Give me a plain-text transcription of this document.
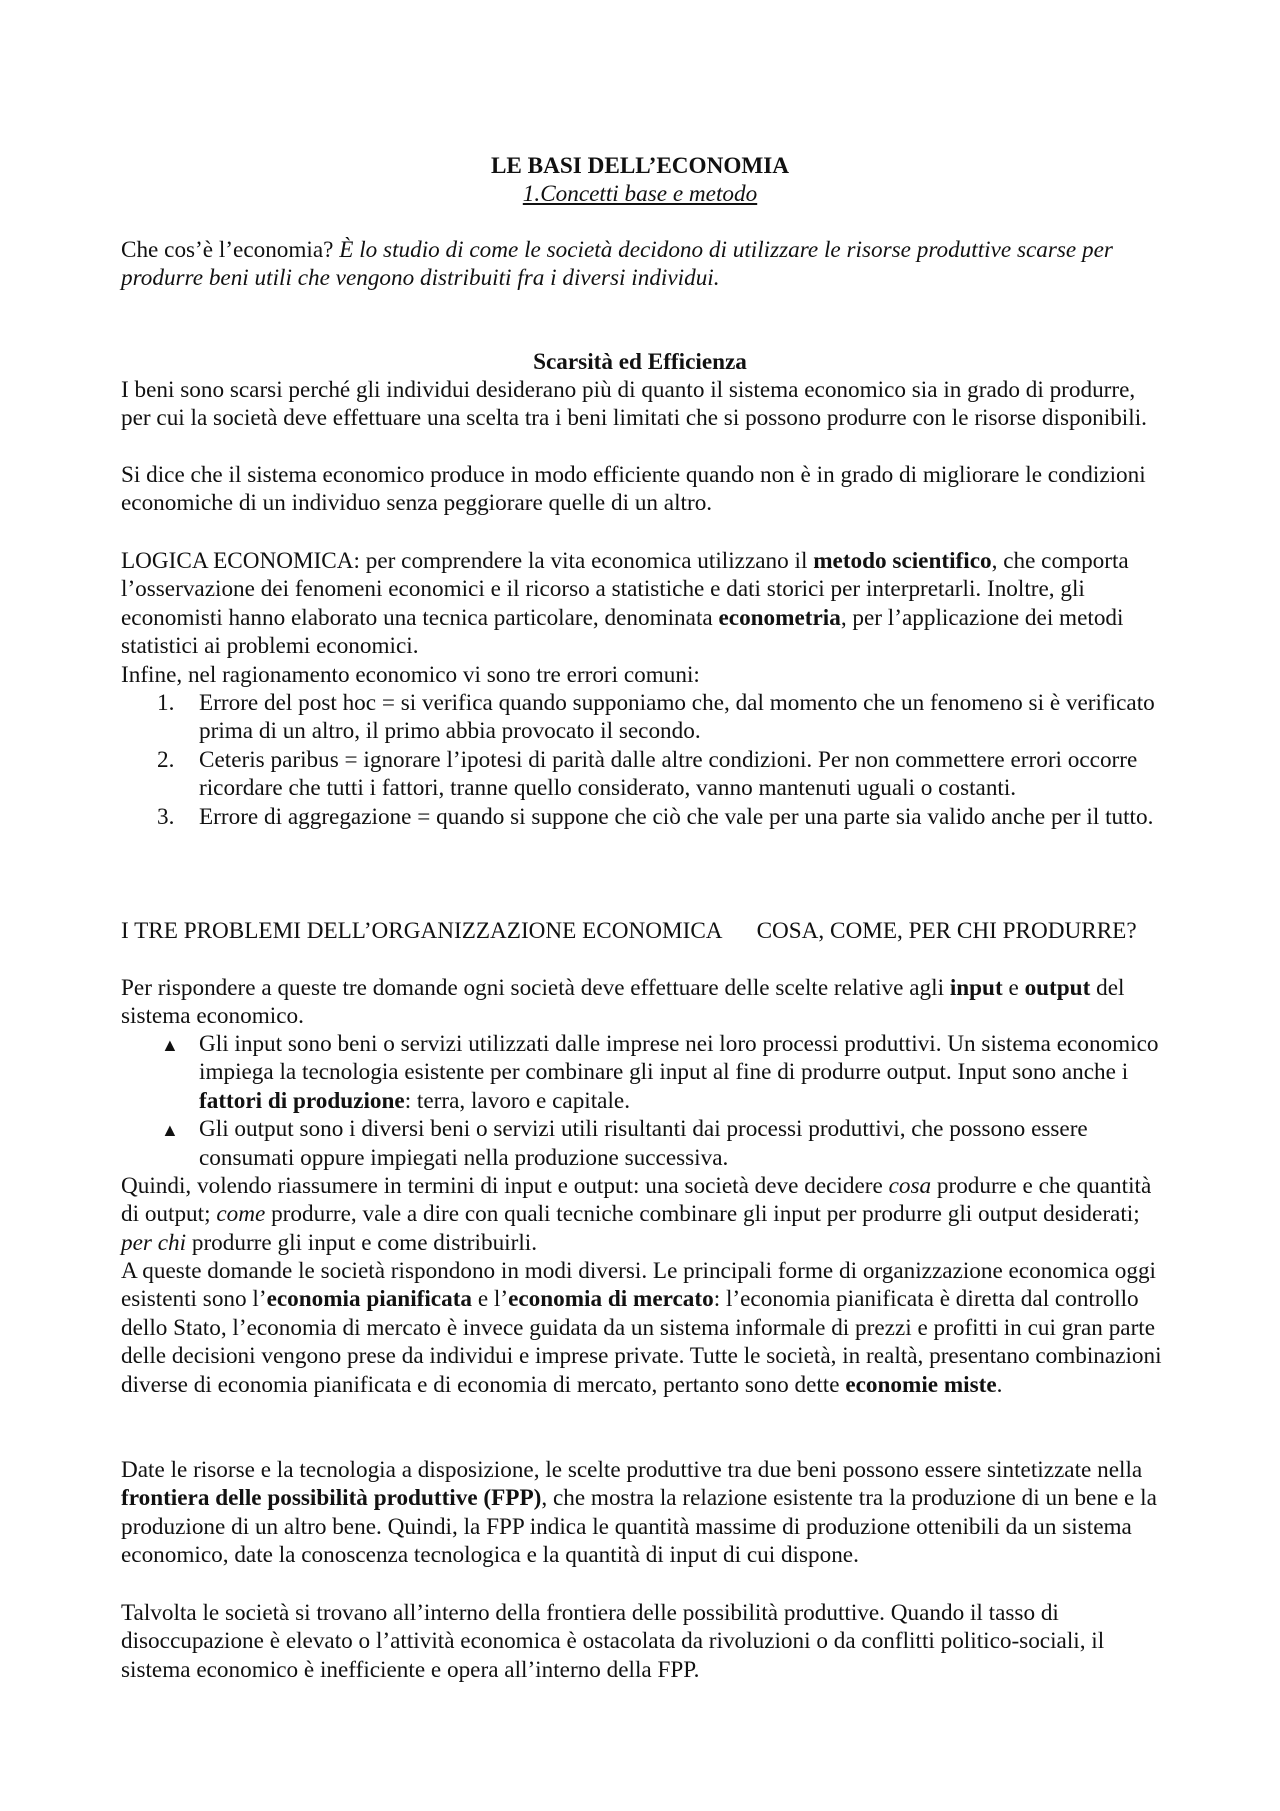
LE BASI DELL’ECONOMIA
1.Concetti base e metodo

Che cos’è l’economia? È lo studio di come le società decidono di utilizzare le risorse produttive scarse per produrre beni utili che vengono distribuiti fra i diversi individui.

Scarsità ed Efficienza

I beni sono scarsi perché gli individui desiderano più di quanto il sistema economico sia in grado di produrre, per cui la società deve effettuare una scelta tra i beni limitati che si possono produrre con le risorse disponibili.

Si dice che il sistema economico produce in modo efficiente quando non è in grado di migliorare le condizioni economiche di un individuo senza peggiorare quelle di un altro.

LOGICA ECONOMICA: per comprendere la vita economica utilizzano il metodo scientifico, che comporta l’osservazione dei fenomeni economici e il ricorso a statistiche e dati storici per interpretarli. Inoltre, gli economisti hanno elaborato una tecnica particolare, denominata econometria, per l’applicazione dei metodi statistici ai problemi economici.

Infine, nel ragionamento economico vi sono tre errori comuni:

1. Errore del post hoc = si verifica quando supponiamo che, dal momento che un fenomeno si è verificato prima di un altro, il primo abbia provocato il secondo.
2. Ceteris paribus = ignorare l’ipotesi di parità dalle altre condizioni. Per non commettere errori occorre ricordare che tutti i fattori, tranne quello considerato, vanno mantenuti uguali o costanti.
3. Errore di aggregazione = quando si suppone che ciò che vale per una parte sia valido anche per il tutto.

I TRE PROBLEMI DELL’ORGANIZZAZIONE ECONOMICA COSA, COME, PER CHI PRODURRE?

Per rispondere a queste tre domande ogni società deve effettuare delle scelte relative agli input e output del sistema economico.

▲ Gli input sono beni o servizi utilizzati dalle imprese nei loro processi produttivi. Un sistema economico impiega la tecnologia esistente per combinare gli input al fine di produrre output. Input sono anche i fattori di produzione: terra, lavoro e capitale.
▲ Gli output sono i diversi beni o servizi utili risultanti dai processi produttivi, che possono essere consumati oppure impiegati nella produzione successiva.

Quindi, volendo riassumere in termini di input e output: una società deve decidere cosa produrre e che quantità di output; come produrre, vale a dire con quali tecniche combinare gli input per produrre gli output desiderati; per chi produrre gli input e come distribuirli.

A queste domande le società rispondono in modi diversi. Le principali forme di organizzazione economica oggi esistenti sono l’economia pianificata e l’economia di mercato: l’economia pianificata è diretta dal controllo dello Stato, l’economia di mercato è invece guidata da un sistema informale di prezzi e profitti in cui gran parte delle decisioni vengono prese da individui e imprese private. Tutte le società, in realtà, presentano combinazioni diverse di economia pianificata e di economia di mercato, pertanto sono dette economie miste.

Date le risorse e la tecnologia a disposizione, le scelte produttive tra due beni possono essere sintetizzate nella frontiera delle possibilità produttive (FPP), che mostra la relazione esistente tra la produzione di un bene e la produzione di un altro bene. Quindi, la FPP indica le quantità massime di produzione ottenibili da un sistema economico, date la conoscenza tecnologica e la quantità di input di cui dispone.

Talvolta le società si trovano all’interno della frontiera delle possibilità produttive. Quando il tasso di disoccupazione è elevato o l’attività economica è ostacolata da rivoluzioni o da conflitti politico-sociali, il sistema economico è inefficiente e opera all’interno della FPP.
